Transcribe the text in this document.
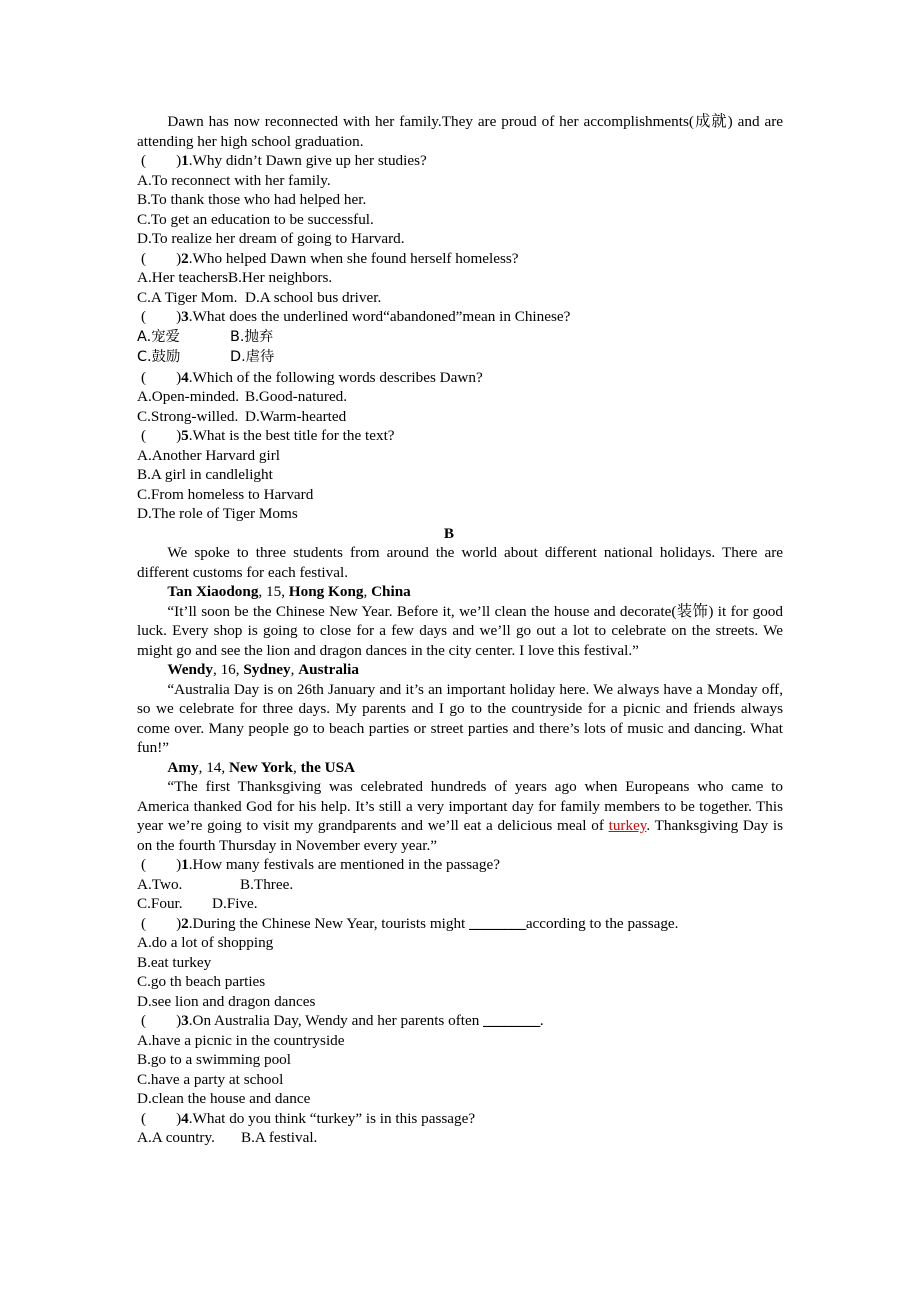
Dawn has now reconnected with her family.They are proud of her accomplishments(成就) and are attending her high school graduation.

( )1.Why didn’t Dawn give up her studies?

A.To reconnect with her family.

B.To thank those who had helped her.

C.To get an education to be successful.

D.To realize her dream of going to Harvard.

( )2.Who helped Dawn when she found herself homeless?

A.Her teachers.B.Her neighbors.

C.A Tiger Mom. D.A school bus driver.

( )3.What does the underlined word“abandoned”mean in Chinese?

A.宠爱	B.抛弃

C.鼓励	D.虐待

( )4.Which of the following words describes Dawn?

A.Open-minded. B.Good-natured.

C.Strong-willed. D.Warm-hearted

( )5.What is the best title for the text?

A.Another Harvard girl

B.A girl in candlelight

C.From homeless to Harvard

D.The role of Tiger Moms

B

We spoke to three students from around the world about different national holidays. There are different customs for each festival.

Tan Xiaodong, 15, Hong Kong, China

“It’ll soon be the Chinese New Year. Before it, we’ll clean the house and decorate(装饰) it for good luck. Every shop is going to close for a few days and we’ll go out a lot to celebrate on the streets. We might go and see the lion and dragon dances in the city center. I love this festival.”

Wendy, 16, Sydney, Australia

“Australia Day is on 26th January and it’s an important holiday here. We always have a Monday off, so we celebrate for three days. My parents and I go to the countryside for a picnic and friends always come over. Many people go to beach parties or street parties and there’s lots of music and dancing. What fun!”

Amy, 14, New York, the USA

“The first Thanksgiving was celebrated hundreds of years ago when Europeans who came to America thanked God for his help. It’s still a very important day for family members to be together. This year we’re going to visit my grandparents and we’ll eat a delicious meal of turkey. Thanksgiving Day is on the fourth Thursday in November every year.”

( )1.How many festivals are mentioned in the passage?

A.Two.	B.Three.

C.Four. D.Five.

( )2.During the Chinese New Year, tourists might ________according to the passage.

A.do a lot of shopping

B.eat turkey

C.go th beach parties

D.see lion and dragon dances

( )3.On Australia Day, Wendy and her parents often ________.

A.have a picnic in the countryside

B.go to a swimming pool

C.have a party at school

D.clean the house and dance

( )4.What do you think “turkey” is in this passage?

A.A country. B.A festival.
